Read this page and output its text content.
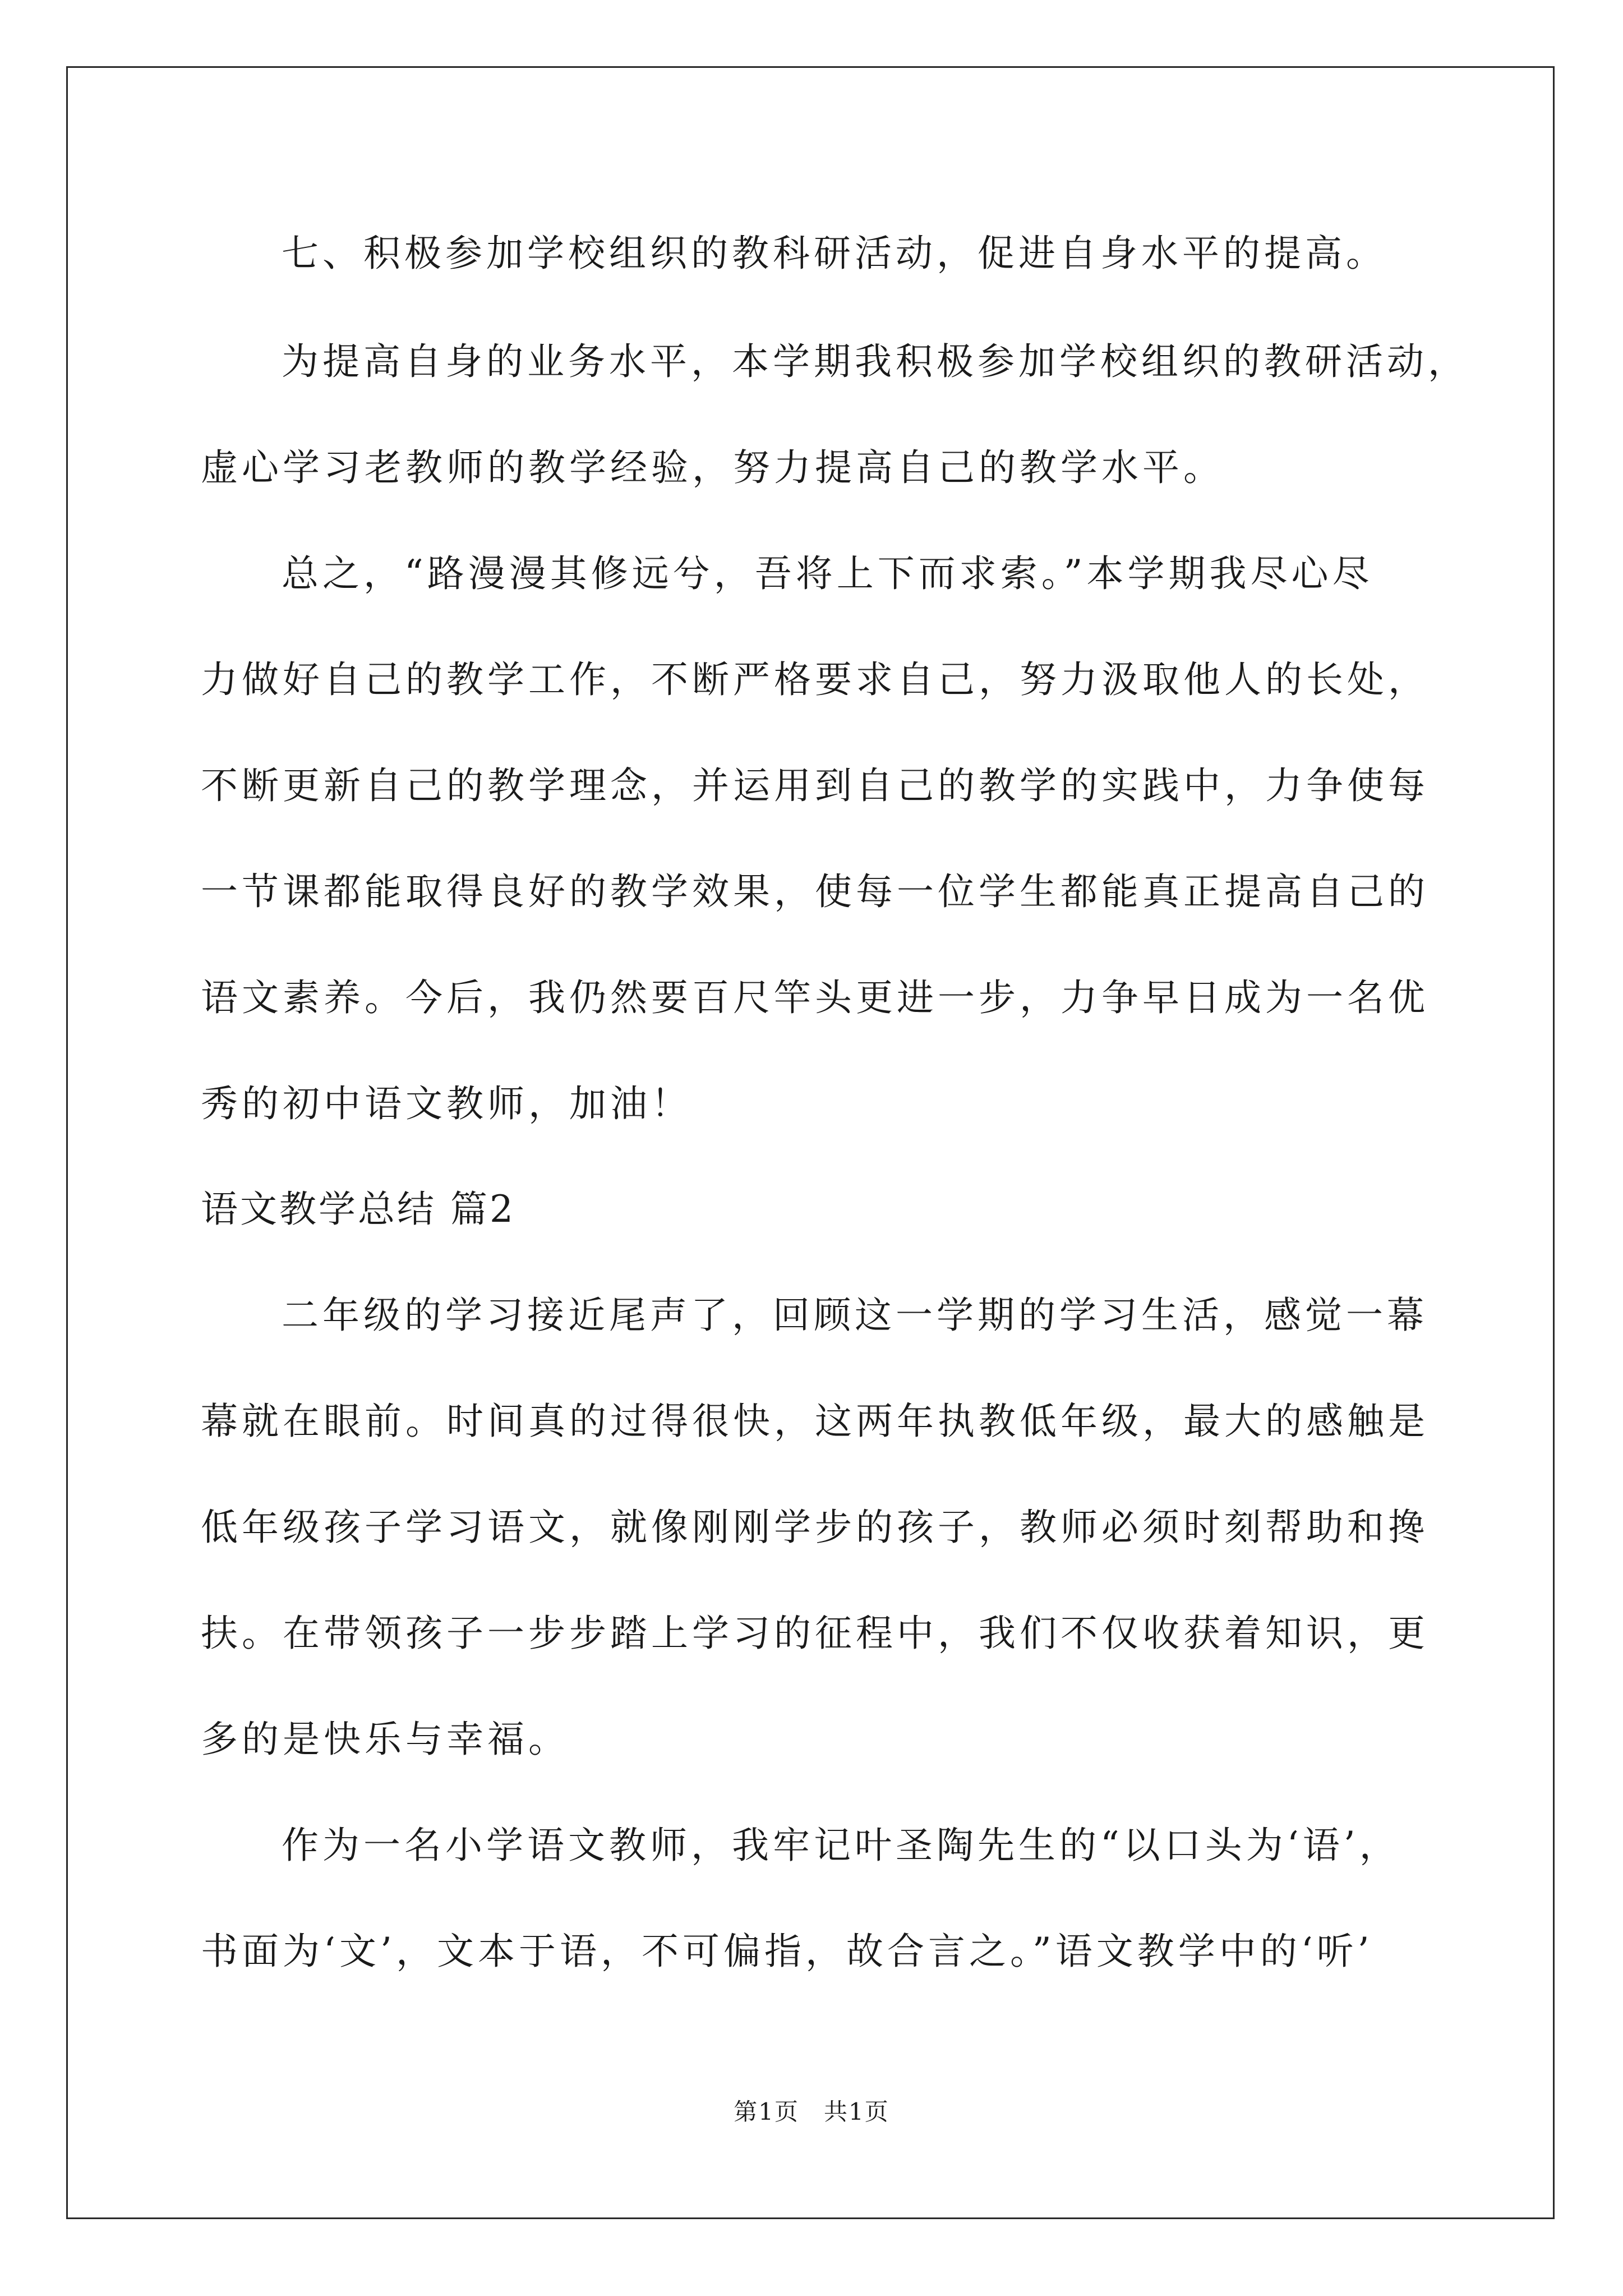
七、积极参加学校组织的教科研活动，促进自身水平的提高。
为提高自身的业务水平，本学期我积极参加学校组织的教研活动，
虚心学习老教师的教学经验，努力提高自己的教学水平。
总之，“路漫漫其修远兮，吾将上下而求索。”本学期我尽心尽
力做好自己的教学工作，不断严格要求自己，努力汲取他人的长处，
不断更新自己的教学理念，并运用到自己的教学的实践中，力争使每
一节课都能取得良好的教学效果，使每一位学生都能真正提高自己的
语文素养。今后，我仍然要百尺竿头更进一步，力争早日成为一名优
秀的初中语文教师，加油！
语文教学总结 篇2
二年级的学习接近尾声了，回顾这一学期的学习生活，感觉一幕
幕就在眼前。时间真的过得很快，这两年执教低年级，最大的感触是
低年级孩子学习语文，就像刚刚学步的孩子，教师必须时刻帮助和搀
扶。在带领孩子一步步踏上学习的征程中，我们不仅收获着知识，更
多的是快乐与幸福。
作为一名小学语文教师，我牢记叶圣陶先生的“以口头为‘语’，
书面为‘文’，文本于语，不可偏指，故合言之。”语文教学中的‘听’
第1页　共1页
